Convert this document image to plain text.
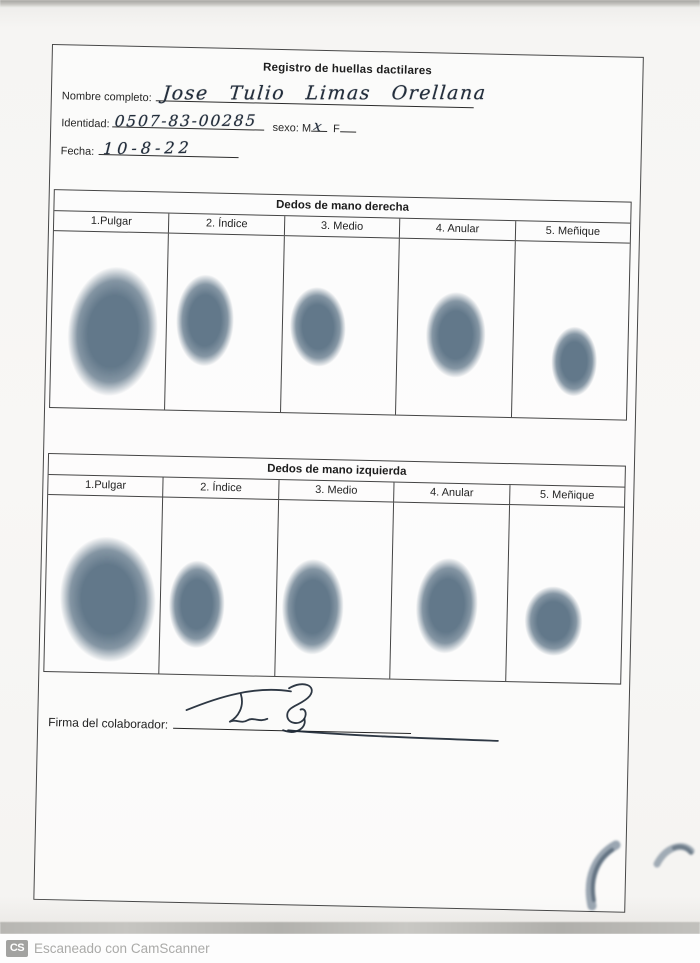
Registro de huellas dactilares
Nombre completo: Jose Tulio Limas Orellana
Identidad: 0507-83-00285 sexo: M x F
Fecha: 10-8-22
Dedos de mano derecha
1.Pulgar	2. Índice	3. Medio	4. Anular	5. Meñique
Dedos de mano izquierda
1.Pulgar	2. Índice	3. Medio	4. Anular	5. Meñique
Firma del colaborador:
CS Escaneado con CamScanner
